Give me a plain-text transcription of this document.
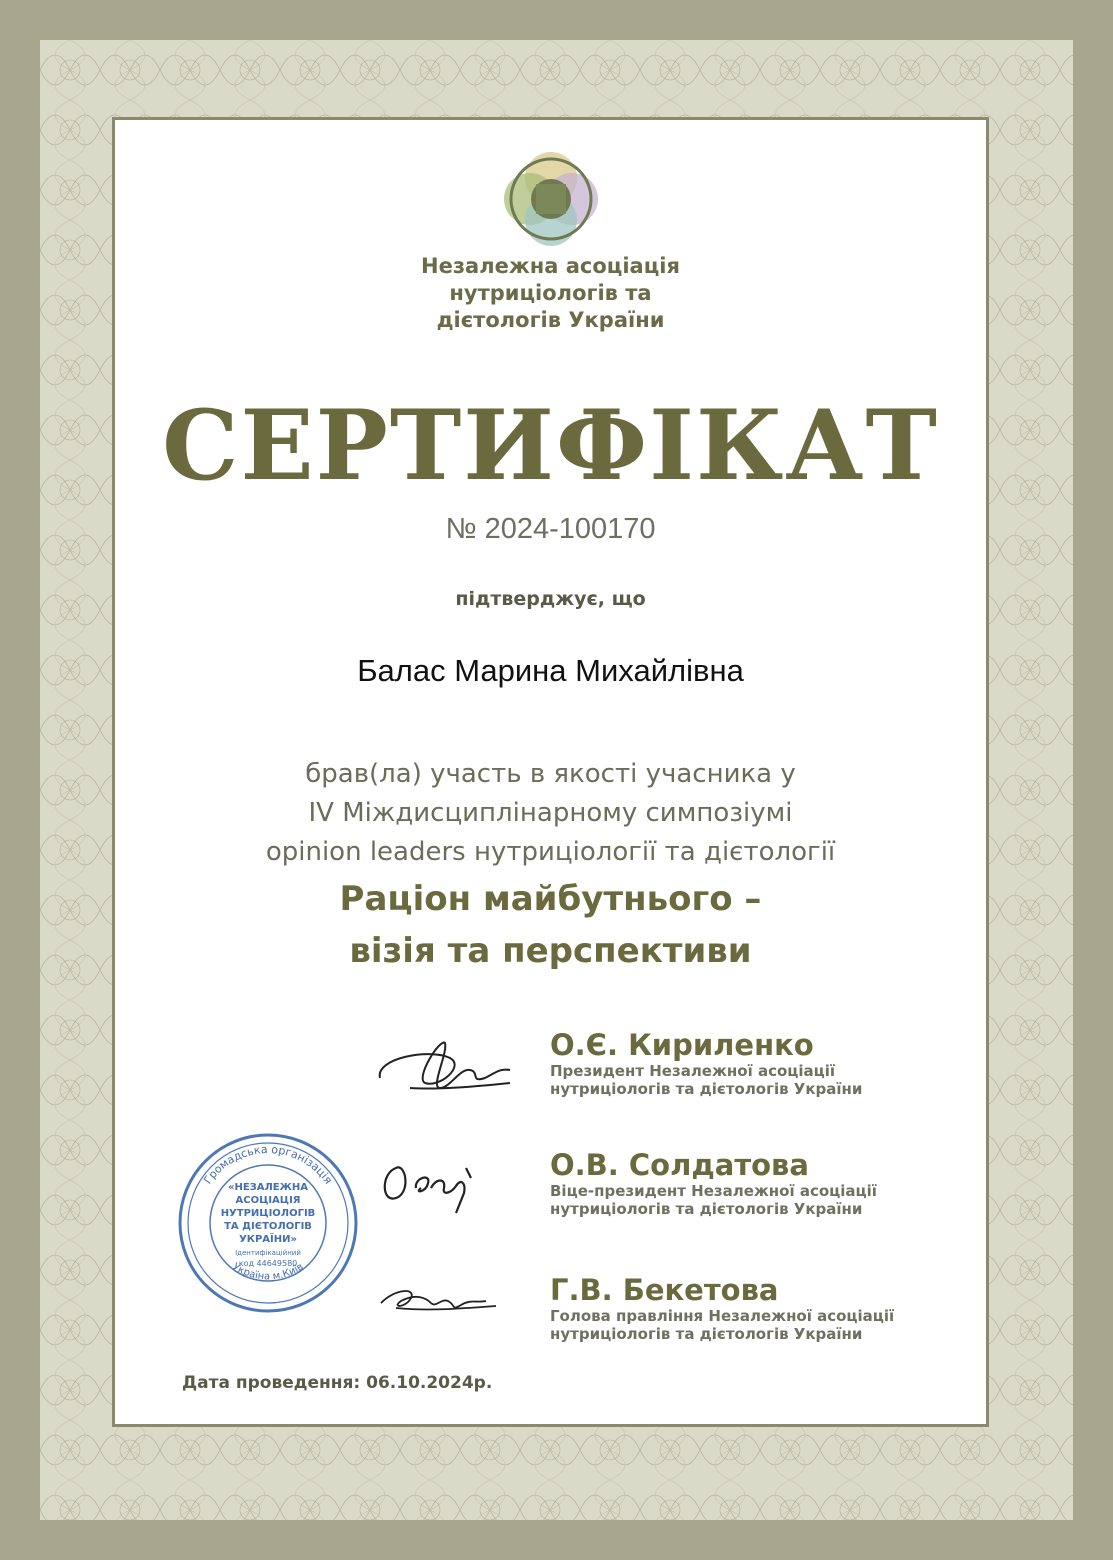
Незалежна асоціація
нутриціологів та
дієтологів України
СЕРТИФІКАТ
№ 2024-100170
підтверджує, що
Балас Марина Михайлівна
брав(ла) участь в якості учасника у
IV Міждисциплінарному симпозіумі
opinion leaders нутриціології та дієтології
Раціон майбутнього –
візія та перспективи
О.Є. Кириленко
Президент Незалежної асоціації
нутриціологів та дієтологів України
О.В. Солдатова
Віце-президент Незалежної асоціації
нутриціологів та дієтологів України
Г.В. Бекетова
Голова правління Незалежної асоціації
нутриціологів та дієтологів України
Громадська організація
Україна м.Київ
«НЕЗАЛЕЖНА
АСОЦІАЦІЯ
НУТРИЦІОЛОГІВ
ТА ДІЄТОЛОГІВ
УКРАЇНИ»
Ідентифікаційний
код 44649580
Дата проведення: 06.10.2024р.
